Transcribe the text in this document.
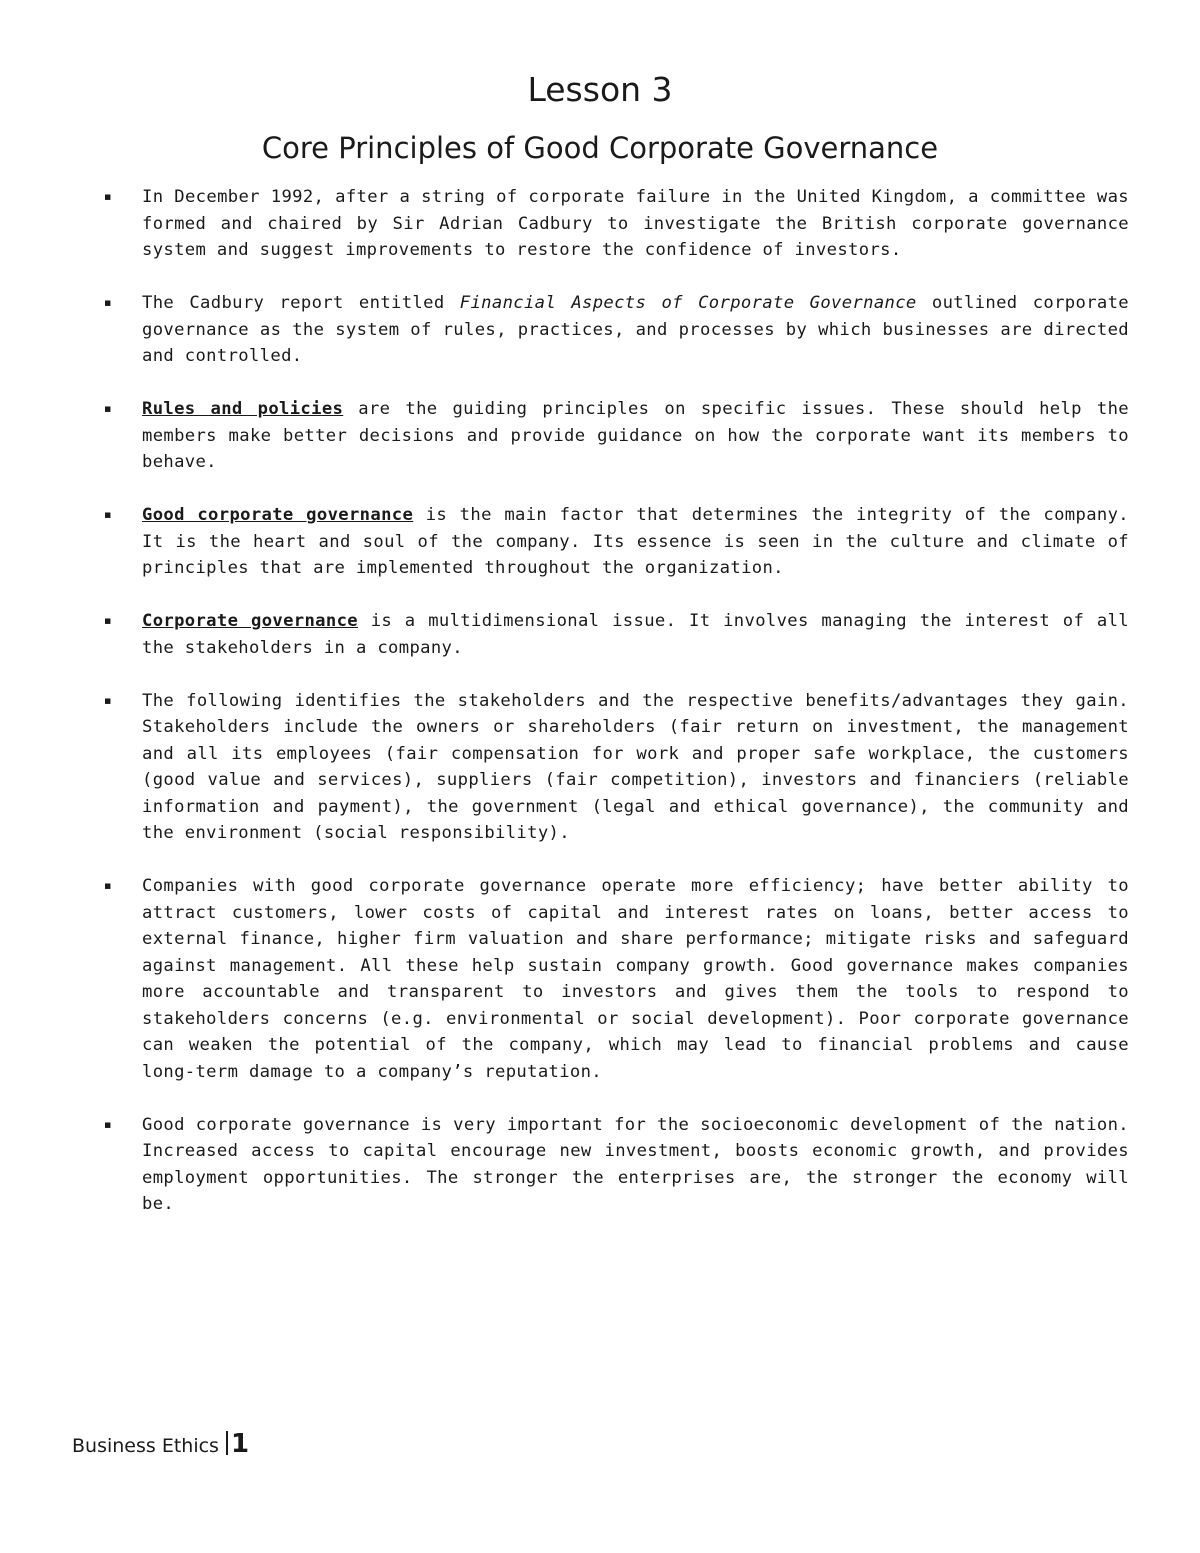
Lesson 3
Core Principles of Good Corporate Governance
▪	In December 1992, after a string of corporate failure in the United Kingdom, a committee was formed and chaired by Sir Adrian Cadbury to investigate the British corporate governance system and suggest improvements to restore the confidence of investors.
▪	The Cadbury report entitled Financial Aspects of Corporate Governance outlined corporate governance as the system of rules, practices, and processes by which businesses are directed and controlled.
▪	Rules and policies are the guiding principles on specific issues. These should help the members make better decisions and provide guidance on how the corporate want its members to behave.
▪	Good corporate governance is the main factor that determines the integrity of the company. It is the heart and soul of the company. Its essence is seen in the culture and climate of principles that are implemented throughout the organization.
▪	Corporate governance is a multidimensional issue. It involves managing the interest of all the stakeholders in a company.
▪	The following identifies the stakeholders and the respective benefits/advantages they gain. Stakeholders include the owners or shareholders (fair return on investment, the management and all its employees (fair compensation for work and proper safe workplace, the customers (good value and services), suppliers (fair competition), investors and financiers (reliable information and payment), the government (legal and ethical governance), the community and the environment (social responsibility).
▪	Companies with good corporate governance operate more efficiency; have better ability to attract customers, lower costs of capital and interest rates on loans, better access to external finance, higher firm valuation and share performance; mitigate risks and safeguard against management. All these help sustain company growth. Good governance makes companies more accountable and transparent to investors and gives them the tools to respond to stakeholders concerns (e.g. environmental or social development). Poor corporate governance can weaken the potential of the company, which may lead to financial problems and cause long-term damage to a company’s reputation.
▪	Good corporate governance is very important for the socioeconomic development of the nation. Increased access to capital encourage new investment, boosts economic growth, and provides employment opportunities. The stronger the enterprises are, the stronger the economy will be.
Business Ethics 1
